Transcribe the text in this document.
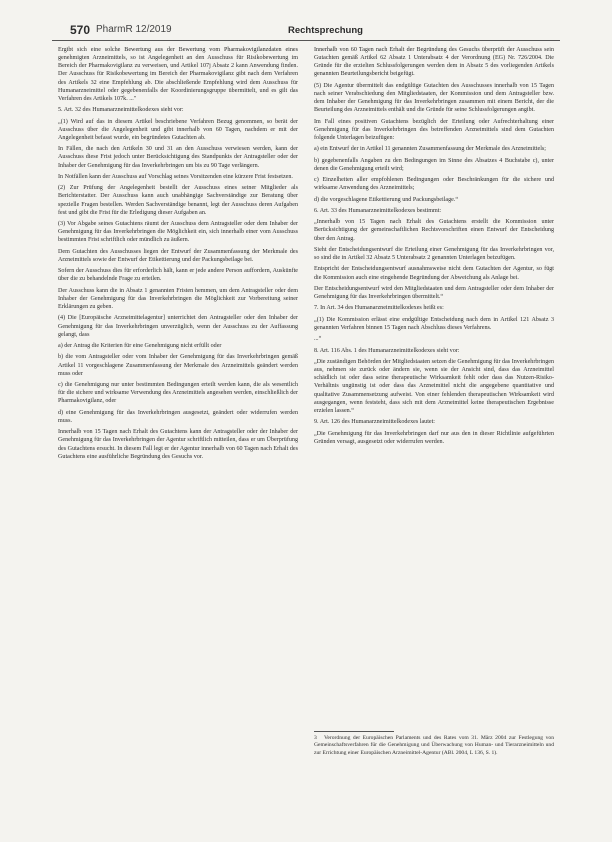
570 PharmR 12/2019	Rechtsprechung

Ergibt sich eine solche Bewertung aus der Bewertung vom Pharmakovigilanzdaten eines genehmigten Arzneimittels, so ist Angelegenheit an den Ausschuss für Risikobewertung im Bereich der Pharmakovigilanz zu verweisen, und Artikel 107j Absatz 2 kann Anwendung finden. Der Ausschuss für Risikobewertung im Bereich der Pharmakovigilanz gibt nach dem Verfahren des Artikels 32 eine Empfehlung ab. Die abschließende Empfehlung wird dem Ausschuss für Humanarzneimittel oder gegebenenfalls der Koordinierungsgruppe übermittelt, und es gilt das Verfahren des Artikels 107k. ..."

5. Art. 32 des Humanarzneimittelkodexes sieht vor:

„(1) Wird auf das in diesem Artikel beschriebene Verfahren Bezug genommen, so berät der Ausschuss über die Angelegenheit und gibt innerhalb von 60 Tagen, nachdem er mit der Angelegenheit befasst wurde, ein begründetes Gutachten ab.

In Fällen, die nach den Artikeln 30 und 31 an den Ausschuss verwiesen werden, kann der Ausschuss diese Frist jedoch unter Berücksichtigung des Standpunkts der Antragsteller oder der Inhaber der Genehmigung für das Inverkehrbringen um bis zu 90 Tage verlängern.

In Notfällen kann der Ausschuss auf Vorschlag seines Vorsitzenden eine kürzere Frist festsetzen.

(2) Zur Prüfung der Angelegenheit bestellt der Ausschuss eines seiner Mitglieder als Berichterstatter. Der Ausschuss kann auch unabhängige Sachverständige zur Beratung über spezielle Fragen bestellen. Werden Sachverständige benannt, legt der Ausschuss deren Aufgaben fest und gibt die Frist für die Erledigung dieser Aufgaben an.

(3) Vor Abgabe seines Gutachtens räumt der Ausschuss dem Antragsteller oder dem Inhaber der Genehmigung für das Inverkehrbringen die Möglichkeit ein, sich innerhalb einer vom Ausschuss bestimmten Frist schriftlich oder mündlich zu äußern.

Dem Gutachten des Ausschusses liegen der Entwurf der Zusammenfassung der Merkmale des Arzneimittels sowie der Entwurf der Etikettierung und der Packungsbeilage bei.

Sofern der Ausschuss dies für erforderlich hält, kann er jede andere Person auffordern, Auskünfte über die zu behandelnde Frage zu erteilen.

Der Ausschuss kann die in Absatz 1 genannten Fristen hemmen, um dem Antragsteller oder dem Inhaber der Genehmigung für das Inverkehrbringen die Möglichkeit zur Vorbereitung seiner Erklärungen zu geben.

(4) Die [Europäische Arzneimittelagentur] unterrichtet den Antragsteller oder den Inhaber der Genehmigung für das Inverkehrbringen unverzüglich, wenn der Ausschuss zu der Auffassung gelangt, dass

a) der Antrag die Kriterien für eine Genehmigung nicht erfüllt oder

b) die vom Antragsteller oder vom Inhaber der Genehmigung für das Inverkehrbringen gemäß Artikel 11 vorgeschlagene Zusammenfassung der Merkmale des Arzneimittels geändert werden muss oder

c) die Genehmigung nur unter bestimmten Bedingungen erteilt werden kann, die als wesentlich für die sichere und wirksame Verwendung des Arzneimittels angesehen werden, einschließlich der Pharmakovigilanz, oder

d) eine Genehmigung für das Inverkehrbringen ausgesetzt, geändert oder widerrufen werden muss.

Innerhalb von 15 Tagen nach Erhalt des Gutachtens kann der Antragsteller oder der Inhaber der Genehmigung für das Inverkehrbringen der Agentur schriftlich mitteilen, dass er um Überprüfung des Gutachtens ersucht. In diesem Fall legt er der Agentur innerhalb von 60 Tagen nach Erhalt des Gutachtens eine ausführliche Begründung des Gesuchs vor.

Innerhalb von 60 Tagen nach Erhalt der Begründung des Gesuchs überprüft der Ausschuss sein Gutachten gemäß Artikel 62 Absatz 1 Unterabsatz 4 der Verordnung (EG) Nr. 726/2004. Die Gründe für die erzielten Schlussfolgerungen werden dem in Absatz 5 des vorliegenden Artikels genannten Beurteilungsbericht beigefügt.

(5) Die Agentur übermittelt das endgültige Gutachten des Ausschusses innerhalb von 15 Tagen nach seiner Verabschiedung den Mitgliedstaaten, der Kommission und dem Antragsteller bzw. dem Inhaber der Genehmigung für das Inverkehrbringen zusammen mit einem Bericht, der die Beurteilung des Arzneimittels enthält und die Gründe für seine Schlussfolgerungen angibt.

Im Fall eines positiven Gutachtens bezüglich der Erteilung oder Aufrechterhaltung einer Genehmigung für das Inverkehrbringen des betreffenden Arzneimittels sind dem Gutachten folgende Unterlagen beizufügen:

a) ein Entwurf der in Artikel 11 genannten Zusammenfassung der Merkmale des Arzneimittels;

b) gegebenenfalls Angaben zu den Bedingungen im Sinne des Absatzes 4 Buchstabe c), unter denen die Genehmigung erteilt wird;

c) Einzelheiten aller empfohlenen Bedingungen oder Beschränkungen für die sichere und wirksame Anwendung des Arzneimittels;

d) die vorgeschlagene Etikettierung und Packungsbeilage.“

6. Art. 33 des Humanarzneimittelkodexes bestimmt:

„Innerhalb von 15 Tagen nach Erhalt des Gutachtens erstellt die Kommission unter Berücksichtigung der gemeinschaftlichen Rechtsvorschriften einen Entwurf der Entscheidung über den Antrag.

Sieht der Entscheidungsentwurf die Erteilung einer Genehmigung für das Inverkehrbringen vor, so sind die in Artikel 32 Absatz 5 Unterabsatz 2 genannten Unterlagen beizufügen.

Entspricht der Entscheidungsentwurf ausnahmsweise nicht dem Gutachten der Agentur, so fügt die Kommission auch eine eingehende Begründung der Abweichung als Anlage bei.

Der Entscheidungsentwurf wird den Mitgliedstaaten und dem Antragsteller oder dem Inhaber der Genehmigung für das Inverkehrbringen übermittelt.“

7. In Art. 34 des Humanarzneimittelkodexes heißt es:

„(1) Die Kommission erlässt eine endgültige Entscheidung nach dem in Artikel 121 Absatz 3 genannten Verfahren binnen 15 Tagen nach Abschluss dieses Verfahrens.

...“

8. Art. 116 Abs. 1 des Humanarzneimittelkodexes sieht vor:

„Die zuständigen Behörden der Mitgliedstaaten setzen die Genehmigung für das Inverkehrbringen aus, nehmen sie zurück oder ändern sie, wenn sie der Ansicht sind, dass das Arzneimittel schädlich ist oder dass seine therapeutische Wirksamkeit fehlt oder dass das Nutzen-Risiko-Verhältnis ungünstig ist oder dass das Arzneimittel nicht die angegebene quantitative und qualitative Zusammensetzung aufweist. Von einer fehlenden therapeutischen Wirksamkeit wird ausgegangen, wenn feststeht, dass sich mit dem Arzneimittel keine therapeutischen Ergebnisse erzielen lassen.“

9. Art. 126 des Humanarzneimittelkodexes lautet:

„Die Genehmigung für das Inverkehrbringen darf nur aus den in dieser Richtlinie aufgeführten Gründen versagt, ausgesetzt oder widerrufen werden.

3 Verordnung der Europäischen Parlaments und des Rates vom 31. März 2004 zur Festlegung von Gemeinschaftsverfahren für die Genehmigung und Überwachung von Human- und Tierarzneimitteln und zur Errichtung einer Europäischen Arzneimittel-Agentur (ABl. 2004, L 136, S. 1).
